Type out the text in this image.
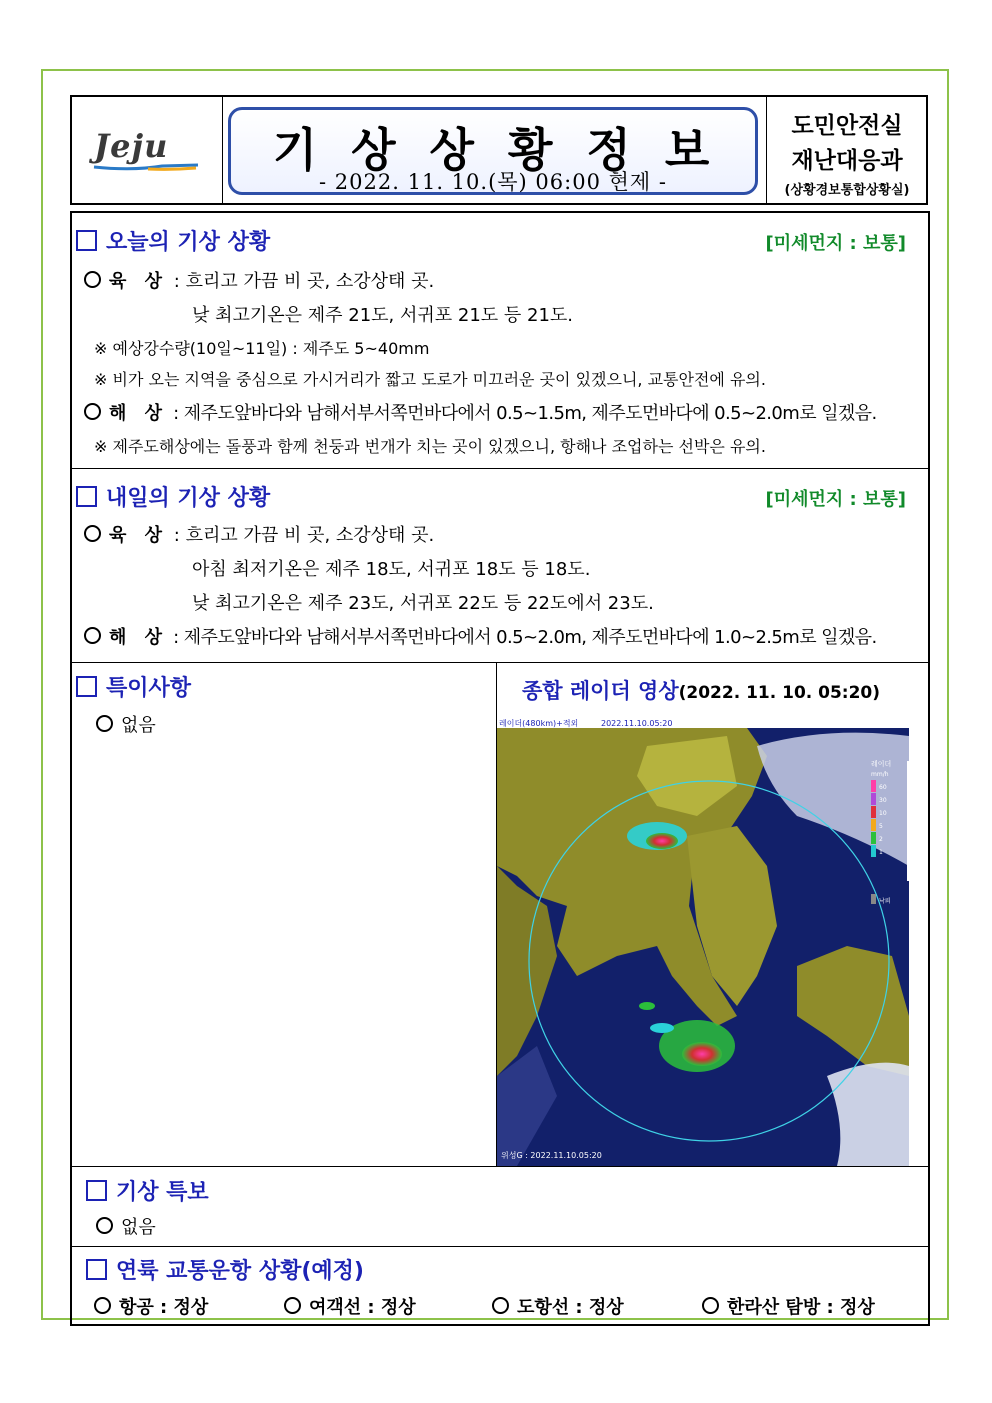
Jeju	기상상황정보
- 2022. 11. 10.(목) 06:00 현제 -
도민안전실
재난대응과
(상황경보통합상황실)
오늘의 기상 상황	[미세먼지 : 보통]
육 상 : 흐리고 가끔 비 곳, 소강상태 곳.
낮 최고기온은 제주 21도, 서귀포 21도 등 21도.
※ 예상강수량(10일~11일) : 제주도 5~40mm
※ 비가 오는 지역을 중심으로 가시거리가 짧고 도로가 미끄러운 곳이 있겠으니, 교통안전에 유의.
해 상 : 제주도앞바다와 남해서부서쪽먼바다에서 0.5~1.5m, 제주도먼바다에 0.5~2.0m로 일겠음.
※ 제주도해상에는 돌풍과 함께 천둥과 번개가 치는 곳이 있겠으니, 항해나 조업하는 선박은 유의.
내일의 기상 상황	[미세먼지 : 보통]
육 상 : 흐리고 가끔 비 곳, 소강상태 곳.
아침 최저기온은 제주 18도, 서귀포 18도 등 18도.
낮 최고기온은 제주 23도, 서귀포 22도 등 22도에서 23도.
해 상 : 제주도앞바다와 남해서부서쪽먼바다에서 0.5~2.0m, 제주도먼바다에 1.0~2.5m로 일겠음.
특이사항
없음
종합 레이더 영상(2022. 11. 10. 05:20)
레이더(480km)+적외	2022.11.10.05:20
레이더
위성G : 2022.11.10.05:20
mm/h
60
30
10
5
2
1
낙뢰
기상 특보
없음
연륙 교통운항 상황(예정)
항공 : 정상	여객선 : 정상	도항선 : 정상	한라산 탐방 : 정상
